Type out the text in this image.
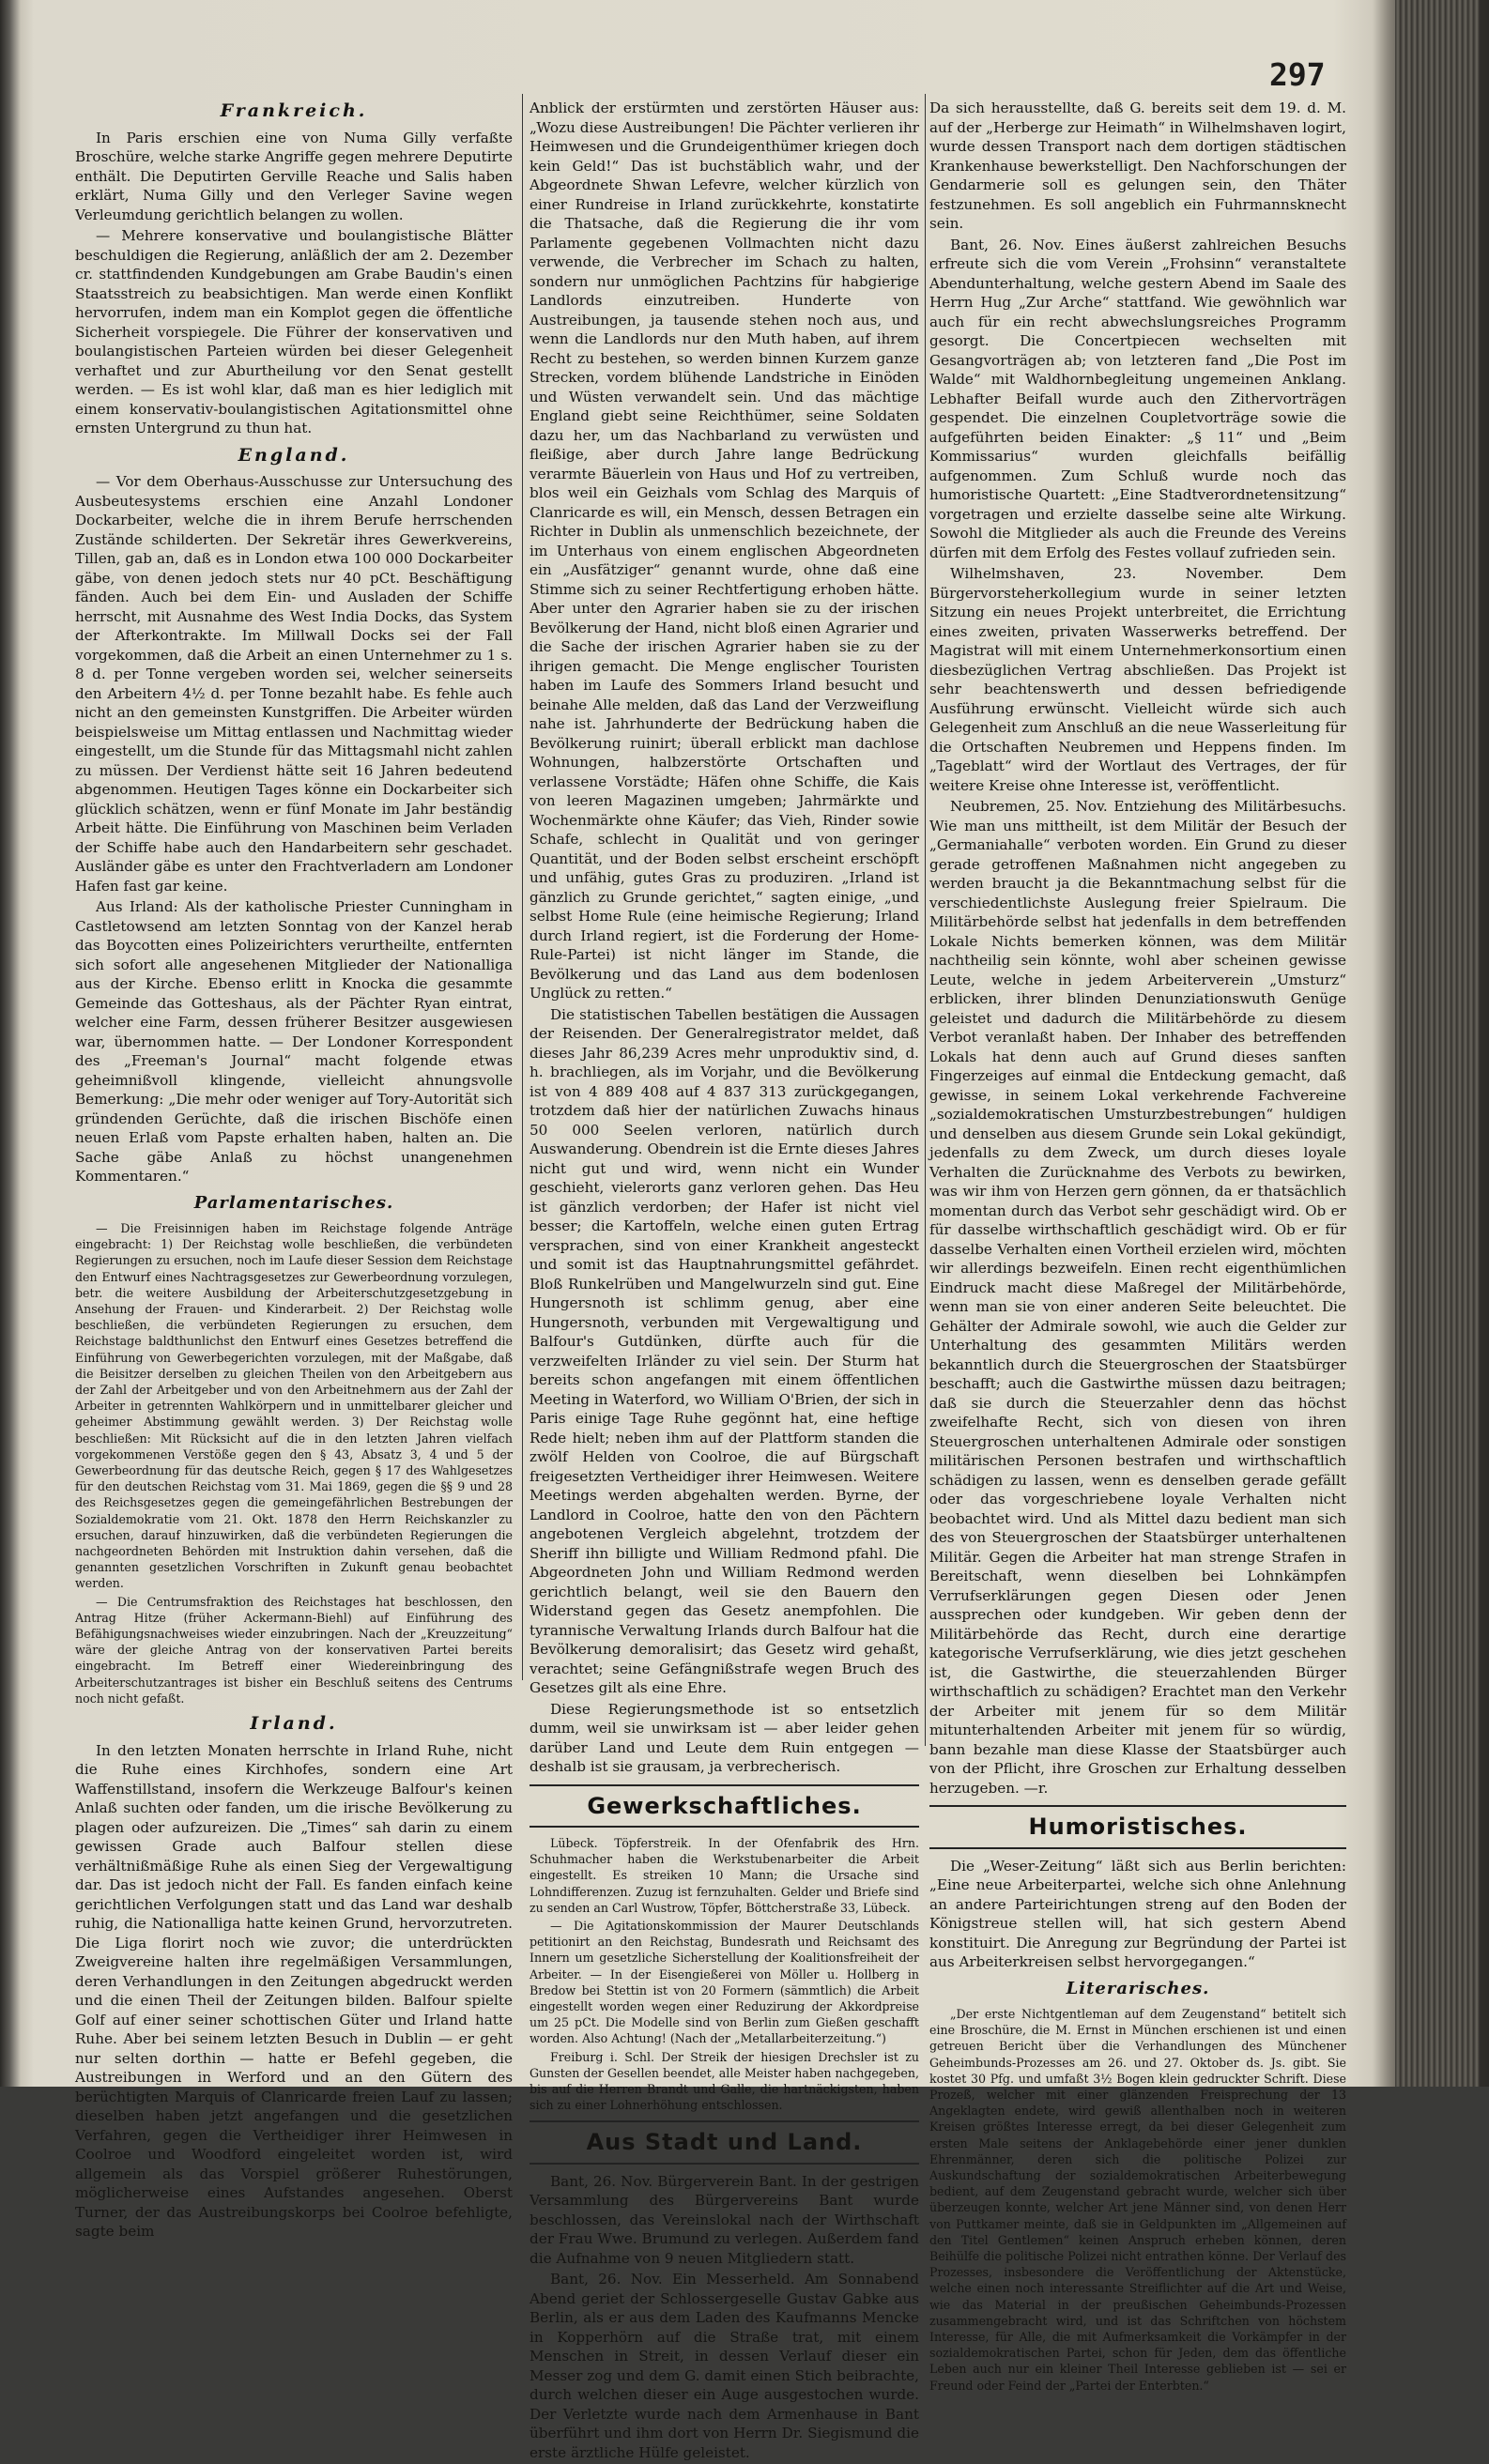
297
Frankreich.

In Paris erschien eine von Numa Gilly verfaßte Broschüre, welche starke Angriffe gegen mehrere Deputirte enthält. Die Deputirten Gerville Reache und Salis haben erklärt, Numa Gilly und den Verleger Savine wegen Verleumdung gerichtlich belangen zu wollen.

— Mehrere konservative und boulangistische Blätter beschuldigen die Regierung, anläßlich der am 2. Dezember cr. stattfindenden Kundgebungen am Grabe Baudin's einen Staatsstreich zu beabsichtigen. Man werde einen Konflikt hervorrufen, indem man ein Komplot gegen die öffentliche Sicherheit vorspiegele. Die Führer der konservativen und boulangistischen Parteien würden bei dieser Gelegenheit verhaftet und zur Aburtheilung vor den Senat gestellt werden. — Es ist wohl klar, daß man es hier lediglich mit einem konservativ-boulangistischen Agitationsmittel ohne ernsten Untergrund zu thun hat.

England.

— Vor dem Oberhaus-Ausschusse zur Untersuchung des Ausbeutesystems erschien eine Anzahl Londoner Dockarbeiter, welche die in ihrem Berufe herrschenden Zustände schilderten. Der Sekretär ihres Gewerkvereins, Tillen, gab an, daß es in London etwa 100 000 Dockarbeiter gäbe, von denen jedoch stets nur 40 pCt. Beschäftigung fänden. Auch bei dem Ein- und Ausladen der Schiffe herrscht, mit Ausnahme des West India Docks, das System der Afterkontrakte. Im Millwall Docks sei der Fall vorgekommen, daß die Arbeit an einen Unternehmer zu 1 s. 8 d. per Tonne vergeben worden sei, welcher seinerseits den Arbeitern 4½ d. per Tonne bezahlt habe. Es fehle auch nicht an den gemeinsten Kunstgriffen. Die Arbeiter würden beispielsweise um Mittag entlassen und Nachmittag wieder eingestellt, um die Stunde für das Mittagsmahl nicht zahlen zu müssen. Der Verdienst hätte seit 16 Jahren bedeutend abgenommen. Heutigen Tages könne ein Dockarbeiter sich glücklich schätzen, wenn er fünf Monate im Jahr beständig Arbeit hätte. Die Einführung von Maschinen beim Verladen der Schiffe habe auch den Handarbeitern sehr geschadet. Ausländer gäbe es unter den Frachtverladern am Londoner Hafen fast gar keine.

Aus Irland: Als der katholische Priester Cunningham in Castletowsend am letzten Sonntag von der Kanzel herab das Boycotten eines Polizeirichters verurtheilte, entfernten sich sofort alle angesehenen Mitglieder der Nationalliga aus der Kirche. Ebenso erlitt in Knocka die gesammte Gemeinde das Gotteshaus, als der Pächter Ryan eintrat, welcher eine Farm, dessen früherer Besitzer ausgewiesen war, übernommen hatte. — Der Londoner Korrespondent des „Freeman's Journal“ macht folgende etwas geheimnißvoll klingende, vielleicht ahnungsvolle Bemerkung: „Die mehr oder weniger auf Tory-Autorität sich gründenden Gerüchte, daß die irischen Bischöfe einen neuen Erlaß vom Papste erhalten haben, halten an. Die Sache gäbe Anlaß zu höchst unangenehmen Kommentaren.“

Parlamentarisches.

— Die Freisinnigen haben im Reichstage folgende Anträge eingebracht: 1) Der Reichstag wolle beschließen, die verbündeten Regierungen zu ersuchen, noch im Laufe dieser Session dem Reichstage den Entwurf eines Nachtragsgesetzes zur Gewerbeordnung vorzulegen, betr. die weitere Ausbildung der Arbeiterschutzgesetzgebung in Ansehung der Frauen- und Kinderarbeit. 2) Der Reichstag wolle beschließen, die verbündeten Regierungen zu ersuchen, dem Reichstage baldthunlichst den Entwurf eines Gesetzes betreffend die Einführung von Gewerbegerichten vorzulegen, mit der Maßgabe, daß die Beisitzer derselben zu gleichen Theilen von den Arbeitgebern aus der Zahl der Arbeitgeber und von den Arbeitnehmern aus der Zahl der Arbeiter in getrennten Wahlkörpern und in unmittelbarer gleicher und geheimer Abstimmung gewählt werden. 3) Der Reichstag wolle beschließen: Mit Rücksicht auf die in den letzten Jahren vielfach vorgekommenen Verstöße gegen den § 43, Absatz 3, 4 und 5 der Gewerbeordnung für das deutsche Reich, gegen § 17 des Wahlgesetzes für den deutschen Reichstag vom 31. Mai 1869, gegen die §§ 9 und 28 des Reichsgesetzes gegen die gemeingefährlichen Bestrebungen der Sozialdemokratie vom 21. Okt. 1878 den Herrn Reichskanzler zu ersuchen, darauf hinzuwirken, daß die verbündeten Regierungen die nachgeordneten Behörden mit Instruktion dahin versehen, daß die genannten gesetzlichen Vorschriften in Zukunft genau beobachtet werden.

— Die Centrumsfraktion des Reichstages hat beschlossen, den Antrag Hitze (früher Ackermann-Biehl) auf Einführung des Befähigungsnachweises wieder einzubringen. Nach der „Kreuzzeitung“ wäre der gleiche Antrag von der konservativen Partei bereits eingebracht. Im Betreff einer Wiedereinbringung des Arbeiterschutzantrages ist bisher ein Beschluß seitens des Centrums noch nicht gefaßt.

Irland.

In den letzten Monaten herrschte in Irland Ruhe, nicht die Ruhe eines Kirchhofes, sondern eine Art Waffenstillstand, insofern die Werkzeuge Balfour's keinen Anlaß suchten oder fanden, um die irische Bevölkerung zu plagen oder aufzureizen. Die „Times“ sah darin zu einem gewissen Grade auch Balfour stellen diese verhältnißmäßige Ruhe als einen Sieg der Vergewaltigung dar. Das ist jedoch nicht der Fall. Es fanden einfach keine gerichtlichen Verfolgungen statt und das Land war deshalb ruhig, die Nationalliga hatte keinen Grund, hervorzutreten. Die Liga florirt noch wie zuvor; die unterdrückten Zweigvereine halten ihre regelmäßigen Versammlungen, deren Verhandlungen in den Zeitungen abgedruckt werden und die einen Theil der Zeitungen bilden. Balfour spielte Golf auf einer seiner schottischen Güter und Irland hatte Ruhe. Aber bei seinem letzten Besuch in Dublin — er geht nur selten dorthin — hatte er Befehl gegeben, die Austreibungen in Werford und an den Gütern des berüchtigten Marquis of Clanricarde freien Lauf zu lassen; dieselben haben jetzt angefangen und die gesetzlichen Verfahren, gegen die Vertheidiger ihrer Heimwesen in Coolroe und Woodford eingeleitet worden ist, wird allgemein als das Vorspiel größerer Ruhestörungen, möglicherweise eines Aufstandes angesehen. Oberst Turner, der das Austreibungskorps bei Coolroe befehligte, sagte beim

Anblick der erstürmten und zerstörten Häuser aus: „Wozu diese Austreibungen! Die Pächter verlieren ihr Heimwesen und die Grundeigenthümer kriegen doch kein Geld!“ Das ist buchstäblich wahr, und der Abgeordnete Shwan Lefevre, welcher kürzlich von einer Rundreise in Irland zurückkehrte, konstatirte die Thatsache, daß die Regierung die ihr vom Parlamente gegebenen Vollmachten nicht dazu verwende, die Verbrecher im Schach zu halten, sondern nur unmöglichen Pachtzins für habgierige Landlords einzutreiben. Hunderte von Austreibungen, ja tausende stehen noch aus, und wenn die Landlords nur den Muth haben, auf ihrem Recht zu bestehen, so werden binnen Kurzem ganze Strecken, vordem blühende Landstriche in Einöden und Wüsten verwandelt sein. Und das mächtige England giebt seine Reichthümer, seine Soldaten dazu her, um das Nachbarland zu verwüsten und fleißige, aber durch Jahre lange Bedrückung verarmte Bäuerlein von Haus und Hof zu vertreiben, blos weil ein Geizhals vom Schlag des Marquis of Clanricarde es will, ein Mensch, dessen Betragen ein Richter in Dublin als unmenschlich bezeichnete, der im Unterhaus von einem englischen Abgeordneten ein „Ausfätziger“ genannt wurde, ohne daß eine Stimme sich zu seiner Rechtfertigung erhoben hätte. Aber unter den Agrarier haben sie zu der irischen Bevölkerung der Hand, nicht bloß einen Agrarier und die Sache der irischen Agrarier haben sie zu der ihrigen gemacht. Die Menge englischer Touristen haben im Laufe des Sommers Irland besucht und beinahe Alle melden, daß das Land der Verzweiflung nahe ist. Jahrhunderte der Bedrückung haben die Bevölkerung ruinirt; überall erblickt man dachlose Wohnungen, halbzerstörte Ortschaften und verlassene Vorstädte; Häfen ohne Schiffe, die Kais von leeren Magazinen umgeben; Jahrmärkte und Wochenmärkte ohne Käufer; das Vieh, Rinder sowie Schafe, schlecht in Qualität und von geringer Quantität, und der Boden selbst erscheint erschöpft und unfähig, gutes Gras zu produziren. „Irland ist gänzlich zu Grunde gerichtet,“ sagten einige, „und selbst Home Rule (eine heimische Regierung; Irland durch Irland regiert, ist die Forderung der Home-Rule-Partei) ist nicht länger im Stande, die Bevölkerung und das Land aus dem bodenlosen Unglück zu retten.“

Die statistischen Tabellen bestätigen die Aussagen der Reisenden. Der Generalregistrator meldet, daß dieses Jahr 86,239 Acres mehr unproduktiv sind, d. h. brachliegen, als im Vorjahr, und die Bevölkerung ist von 4 889 408 auf 4 837 313 zurückgegangen, trotzdem daß hier der natürlichen Zuwachs hinaus 50 000 Seelen verloren, natürlich durch Auswanderung. Obendrein ist die Ernte dieses Jahres nicht gut und wird, wenn nicht ein Wunder geschieht, vielerorts ganz verloren gehen. Das Heu ist gänzlich verdorben; der Hafer ist nicht viel besser; die Kartoffeln, welche einen guten Ertrag versprachen, sind von einer Krankheit angesteckt und somit ist das Hauptnahrungsmittel gefährdet. Bloß Runkelrüben und Mangelwurzeln sind gut. Eine Hungersnoth ist schlimm genug, aber eine Hungersnoth, verbunden mit Vergewaltigung und Balfour's Gutdünken, dürfte auch für die verzweifelten Irländer zu viel sein. Der Sturm hat bereits schon angefangen mit einem öffentlichen Meeting in Waterford, wo William O'Brien, der sich in Paris einige Tage Ruhe gegönnt hat, eine heftige Rede hielt; neben ihm auf der Plattform standen die zwölf Helden von Coolroe, die auf Bürgschaft freigesetzten Vertheidiger ihrer Heimwesen. Weitere Meetings werden abgehalten werden. Byrne, der Landlord in Coolroe, hatte den von den Pächtern angebotenen Vergleich abgelehnt, trotzdem der Sheriff ihn billigte und William Redmond pfahl. Die Abgeordneten John und William Redmond werden gerichtlich belangt, weil sie den Bauern den Widerstand gegen das Gesetz anempfohlen. Die tyrannische Verwaltung Irlands durch Balfour hat die Bevölkerung demoralisirt; das Gesetz wird gehaßt, verachtet; seine Gefängnißstrafe wegen Bruch des Gesetzes gilt als eine Ehre.

Diese Regierungsmethode ist so entsetzlich dumm, weil sie unwirksam ist — aber leider gehen darüber Land und Leute dem Ruin entgegen — deshalb ist sie grausam, ja verbrecherisch.

Gewerkschaftliches.

Lübeck. Töpferstreik. In der Ofenfabrik des Hrn. Schuhmacher haben die Werkstubenarbeiter die Arbeit eingestellt. Es streiken 10 Mann; die Ursache sind Lohndifferenzen. Zuzug ist fernzuhalten. Gelder und Briefe sind zu senden an Carl Wustrow, Töpfer, Böttcherstraße 33, Lübeck.

— Die Agitationskommission der Maurer Deutschlands petitionirt an den Reichstag, Bundesrath und Reichsamt des Innern um gesetzliche Sicherstellung der Koalitionsfreiheit der Arbeiter. — In der Eisengießerei von Möller u. Hollberg in Bredow bei Stettin ist von 20 Formern (sämmtlich) die Arbeit eingestellt worden wegen einer Reduzirung der Akkordpreise um 25 pCt. Die Modelle sind von Berlin zum Gießen geschafft worden. Also Achtung! (Nach der „Metallarbeiterzeitung.“)

Freiburg i. Schl. Der Streik der hiesigen Drechsler ist zu Gunsten der Gesellen beendet, alle Meister haben nachgegeben, bis auf die Herren Brandt und Galle, die hartnäckigsten, haben sich zu einer Lohnerhöhung entschlossen.

Aus Stadt und Land.

Bant, 26. Nov. Bürgerverein Bant. In der gestrigen Versammlung des Bürgervereins Bant wurde beschlossen, das Vereinslokal nach der Wirthschaft der Frau Wwe. Brumund zu verlegen. Außerdem fand die Aufnahme von 9 neuen Mitgliedern statt.

Bant, 26. Nov. Ein Messerheld. Am Sonnabend Abend geriet der Schlossergeselle Gustav Gabke aus Berlin, als er aus dem Laden des Kaufmanns Mencke in Kopperhörn auf die Straße trat, mit einem Menschen in Streit, in dessen Verlauf dieser ein Messer zog und dem G. damit einen Stich beibrachte, durch welchen dieser ein Auge ausgestochen wurde. Der Verletzte wurde nach dem Armenhause in Bant überführt und ihm dort von Herrn Dr. Siegismund die erste ärztliche Hülfe geleistet.

Da sich herausstellte, daß G. bereits seit dem 19. d. M. auf der „Herberge zur Heimath“ in Wilhelmshaven logirt, wurde dessen Transport nach dem dortigen städtischen Krankenhause bewerkstelligt. Den Nachforschungen der Gendarmerie soll es gelungen sein, den Thäter festzunehmen. Es soll angeblich ein Fuhrmannsknecht sein.

Bant, 26. Nov. Eines äußerst zahlreichen Besuchs erfreute sich die vom Verein „Frohsinn“ veranstaltete Abendunterhaltung, welche gestern Abend im Saale des Herrn Hug „Zur Arche“ stattfand. Wie gewöhnlich war auch für ein recht abwechslungsreiches Programm gesorgt. Die Concertpiecen wechselten mit Gesangvorträgen ab; von letzteren fand „Die Post im Walde“ mit Waldhornbegleitung ungemeinen Anklang. Lebhafter Beifall wurde auch den Zithervorträgen gespendet. Die einzelnen Coupletvorträge sowie die aufgeführten beiden Einakter: „§ 11“ und „Beim Kommissarius“ wurden gleichfalls beifällig aufgenommen. Zum Schluß wurde noch das humoristische Quartett: „Eine Stadtverordnetensitzung“ vorgetragen und erzielte dasselbe seine alte Wirkung. Sowohl die Mitglieder als auch die Freunde des Vereins dürfen mit dem Erfolg des Festes vollauf zufrieden sein.

Wilhelmshaven, 23. November. Dem Bürgervorsteherkollegium wurde in seiner letzten Sitzung ein neues Projekt unterbreitet, die Errichtung eines zweiten, privaten Wasserwerks betreffend. Der Magistrat will mit einem Unternehmerkonsortium einen diesbezüglichen Vertrag abschließen. Das Projekt ist sehr beachtenswerth und dessen befriedigende Ausführung erwünscht. Vielleicht würde sich auch Gelegenheit zum Anschluß an die neue Wasserleitung für die Ortschaften Neubremen und Heppens finden. Im „Tageblatt“ wird der Wortlaut des Vertrages, der für weitere Kreise ohne Interesse ist, veröffentlicht.

Neubremen, 25. Nov. Entziehung des Militärbesuchs. Wie man uns mittheilt, ist dem Militär der Besuch der „Germaniahalle“ verboten worden. Ein Grund zu dieser gerade getroffenen Maßnahmen nicht angegeben zu werden braucht ja die Bekanntmachung selbst für die verschiedentlichste Auslegung freier Spielraum. Die Militärbehörde selbst hat jedenfalls in dem betreffenden Lokale Nichts bemerken können, was dem Militär nachtheilig sein könnte, wohl aber scheinen gewisse Leute, welche in jedem Arbeiterverein „Umsturz“ erblicken, ihrer blinden Denunziationswuth Genüge geleistet und dadurch die Militärbehörde zu diesem Verbot veranlaßt haben. Der Inhaber des betreffenden Lokals hat denn auch auf Grund dieses sanften Fingerzeiges auf einmal die Entdeckung gemacht, daß gewisse, in seinem Lokal verkehrende Fachvereine „sozialdemokratischen Umsturzbestrebungen“ huldigen und denselben aus diesem Grunde sein Lokal gekündigt, jedenfalls zu dem Zweck, um durch dieses loyale Verhalten die Zurücknahme des Verbots zu bewirken, was wir ihm von Herzen gern gönnen, da er thatsächlich momentan durch das Verbot sehr geschädigt wird. Ob er für dasselbe wirthschaftlich geschädigt wird. Ob er für dasselbe Verhalten einen Vortheil erzielen wird, möchten wir allerdings bezweifeln. Einen recht eigenthümlichen Eindruck macht diese Maßregel der Militärbehörde, wenn man sie von einer anderen Seite beleuchtet. Die Gehälter der Admirale sowohl, wie auch die Gelder zur Unterhaltung des gesammten Militärs werden bekanntlich durch die Steuergroschen der Staatsbürger beschafft; auch die Gastwirthe müssen dazu beitragen; daß sie durch die Steuerzahler denn das höchst zweifelhafte Recht, sich von diesen von ihren Steuergroschen unterhaltenen Admirale oder sonstigen militärischen Personen bestrafen und wirthschaftlich schädigen zu lassen, wenn es denselben gerade gefällt oder das vorgeschriebene loyale Verhalten nicht beobachtet wird. Und als Mittel dazu bedient man sich des von Steuergroschen der Staatsbürger unterhaltenen Militär. Gegen die Arbeiter hat man strenge Strafen in Bereitschaft, wenn dieselben bei Lohnkämpfen Verrufserklärungen gegen Diesen oder Jenen aussprechen oder kundgeben. Wir geben denn der Militärbehörde das Recht, durch eine derartige kategorische Verrufserklärung, wie dies jetzt geschehen ist, die Gastwirthe, die steuerzahlenden Bürger wirthschaftlich zu schädigen? Erachtet man den Verkehr der Arbeiter mit jenem für so dem Militär mitunterhaltenden Arbeiter mit jenem für so würdig, bann bezahle man diese Klasse der Staatsbürger auch von der Pflicht, ihre Groschen zur Erhaltung desselben herzugeben. —r.

Humoristisches.

Die „Weser-Zeitung“ läßt sich aus Berlin berichten: „Eine neue Arbeiterpartei, welche sich ohne Anlehnung an andere Parteirichtungen streng auf den Boden der Königstreue stellen will, hat sich gestern Abend konstituirt. Die Anregung zur Begründung der Partei ist aus Arbeiterkreisen selbst hervorgegangen.“

Literarisches.

„Der erste Nichtgentleman auf dem Zeugenstand“ betitelt sich eine Broschüre, die M. Ernst in München erschienen ist und einen getreuen Bericht über die Verhandlungen des Münchener Geheimbunds-Prozesses am 26. und 27. Oktober ds. Js. gibt. Sie kostet 30 Pfg. und umfaßt 3½ Bogen klein gedruckter Schrift. Diese Prozeß, welcher mit einer glänzenden Freisprechung der 13 Angeklagten endete, wird gewiß allenthalben noch in weiteren Kreisen größtes Interesse erregt, da bei dieser Gelegenheit zum ersten Male seitens der Anklagebehörde einer jener dunklen Ehrenmänner, deren sich die politische Polizei zur Auskundschaftung der sozialdemokratischen Arbeiterbewegung bedient, auf dem Zeugenstand gebracht wurde, welcher sich über überzeugen konnte, welcher Art jene Männer sind, von denen Herr von Puttkamer meinte, daß sie in Geldpunkten im „Allgemeinen auf den Titel Gentlemen“ keinen Anspruch erheben können, deren Beihülfe die politische Polizei nicht entrathen könne. Der Verlauf des Prozesses, insbesondere die Veröffentlichung der Aktenstücke, welche einen noch interessante Streiflichter auf die Art und Weise, wie das Material in der preußischen Geheimbunds-Prozessen zusammengebracht wird, und ist das Schriftchen von höchstem Interesse, für Alle, die mit Aufmerksamkeit die Vorkämpfer in der sozialdemokratischen Partei, schon für Jeden, dem das öffentliche Leben auch nur ein kleiner Theil Interesse geblieben ist — sei er Freund oder Feind der „Partei der Enterbten.“
